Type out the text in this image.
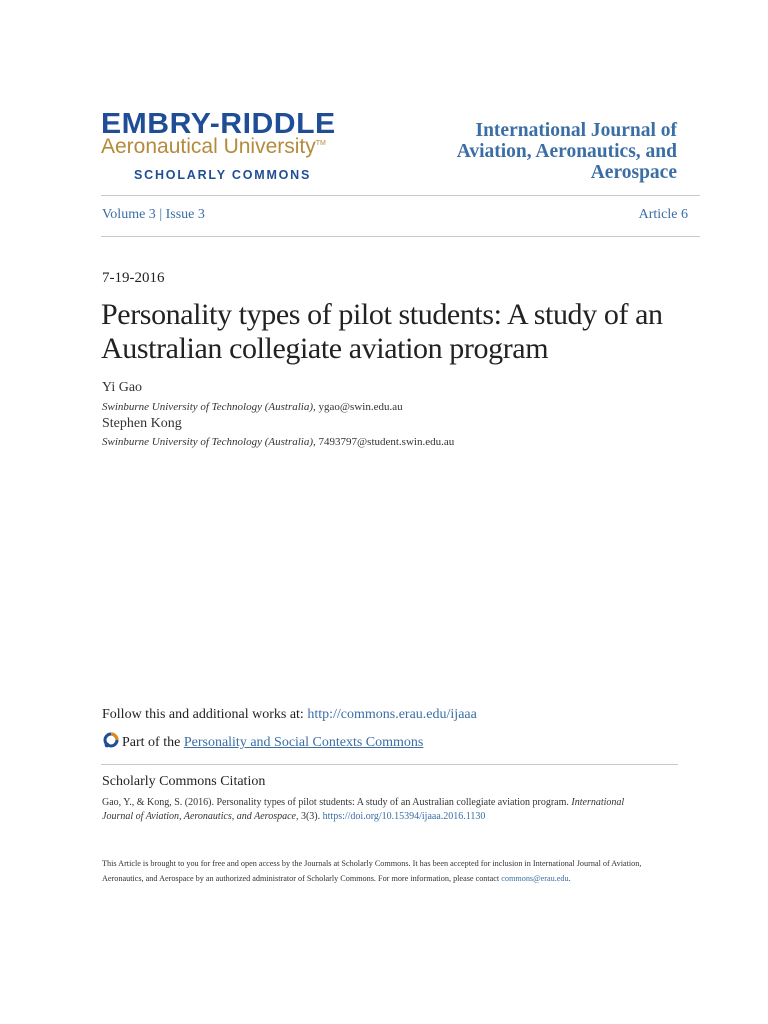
EMBRY-RIDDLE
Aeronautical University™
SCHOLARLY COMMONS
International Journal of
Aviation, Aeronautics, and
Aerospace
Volume 3 | Issue 3	Article 6
7-19-2016
Personality types of pilot students: A study of an
Australian collegiate aviation program
Yi Gao
Swinburne University of Technology (Australia), ygao@swin.edu.au
Stephen Kong
Swinburne University of Technology (Australia), 7493797@student.swin.edu.au
Follow this and additional works at: http://commons.erau.edu/ijaaa
Part of the Personality and Social Contexts Commons
Scholarly Commons Citation
Gao, Y., & Kong, S. (2016). Personality types of pilot students: A study of an Australian collegiate aviation program. International Journal of Aviation, Aeronautics, and Aerospace, 3(3). https://doi.org/10.15394/ijaaa.2016.1130
This Article is brought to you for free and open access by the Journals at Scholarly Commons. It has been accepted for inclusion in International Journal of Aviation, Aeronautics, and Aerospace by an authorized administrator of Scholarly Commons. For more information, please contact commons@erau.edu.
